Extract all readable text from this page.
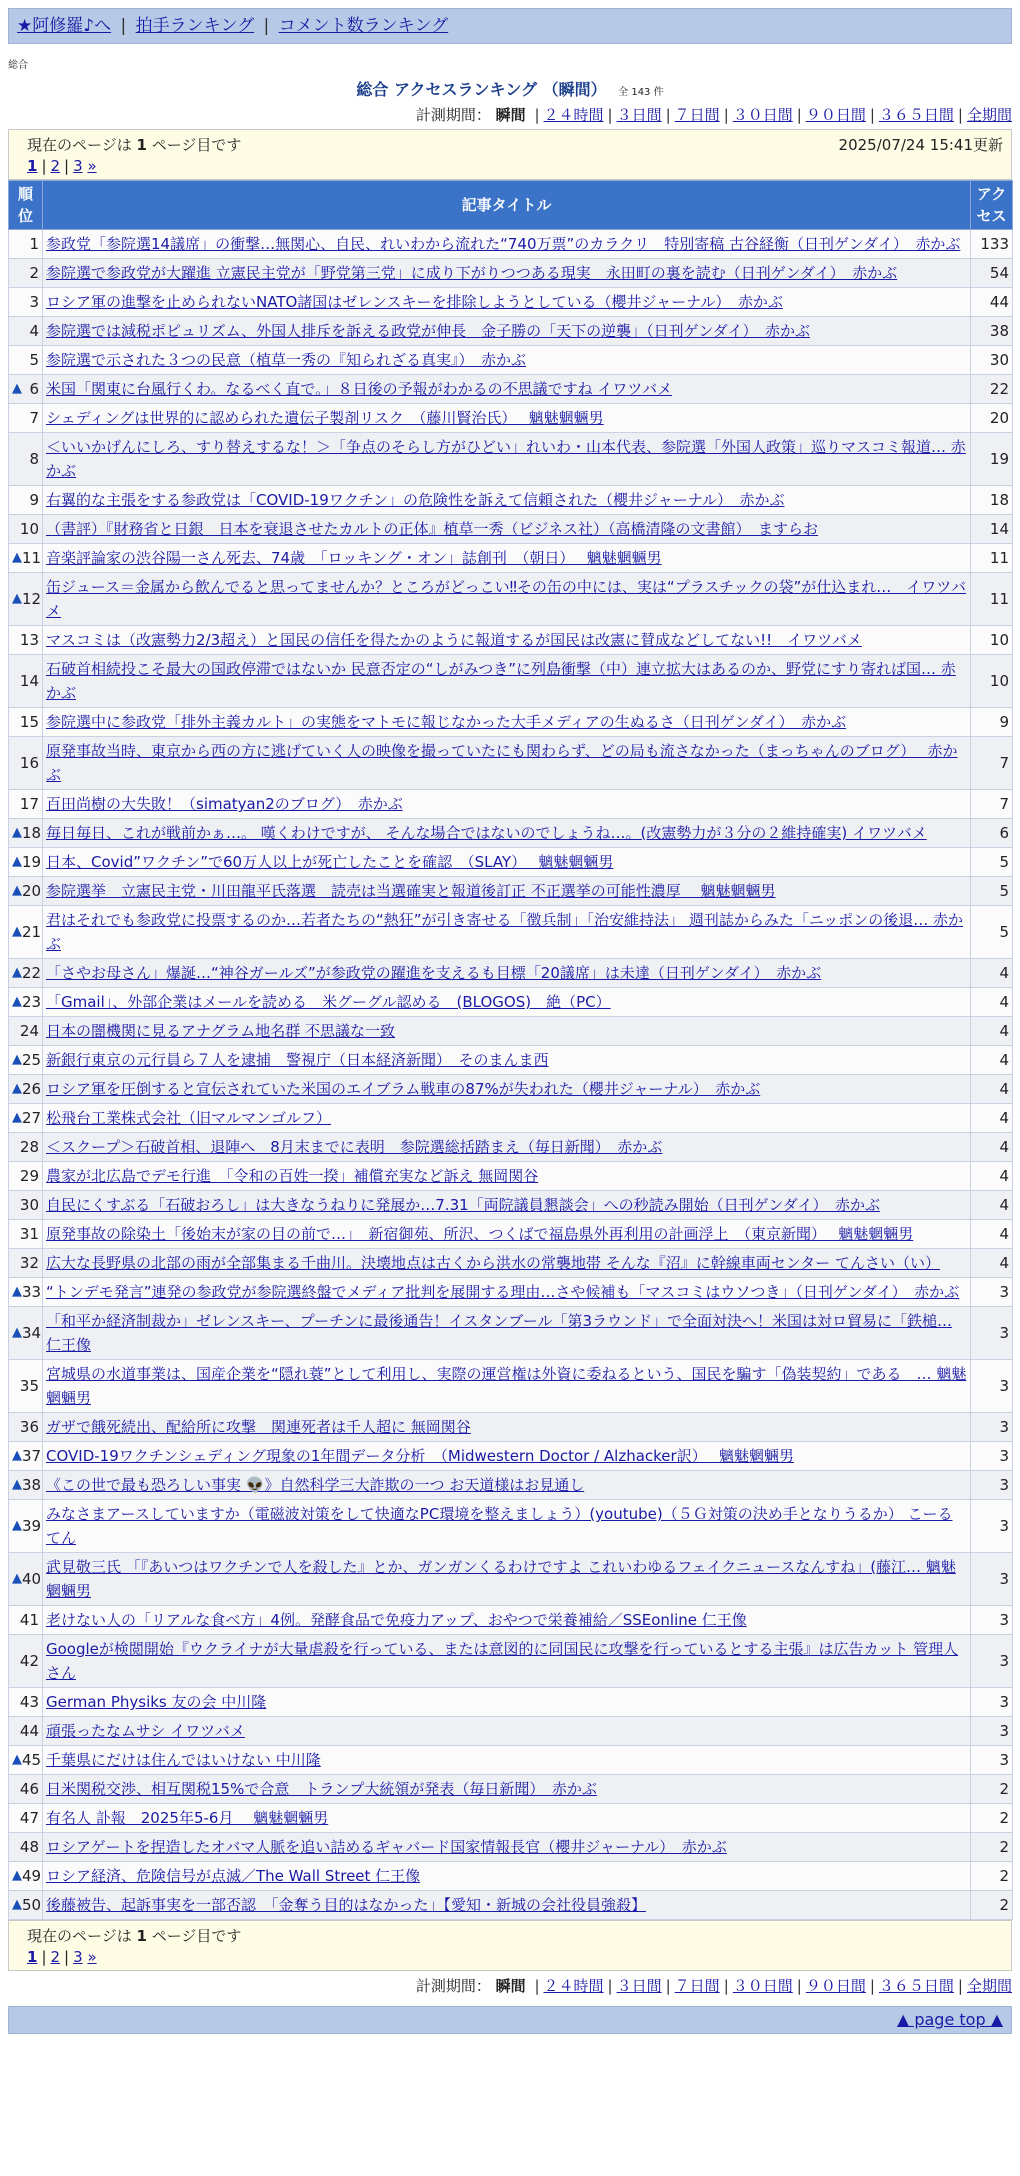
★阿修羅♪へ | 拍手ランキング | コメント数ランキング
総合
総合 アクセスランキング （瞬間） 全 143 件
計測期間： 瞬間 | ２４時間 | ３日間 | ７日間 | ３０日間 | ９０日間 | ３６５日間 | 全期間
現在のページは 1 ページ目です	2025/07/24 15:41更新
1 | 2 | 3 »
順位	記事タイトル	アクセス
1	参政党「参院選14議席」の衝撃…無関心、自民、れいわから流れた“740万票”のカラクリ　特別寄稿 古谷経衡（日刊ゲンダイ）　赤かぶ	133
2	参院選で参政党が大躍進 立憲民主党が「野党第三党」に成り下がりつつある現実　永田町の裏を読む（日刊ゲンダイ）　赤かぶ	54
3	ロシア軍の進撃を止められないNATO諸国はゼレンスキーを排除しようとしている（櫻井ジャーナル）　赤かぶ	44
4	参院選では減税ポピュリズム、外国人排斥を訴える政党が伸長　金子勝の「天下の逆襲」（日刊ゲンダイ）　赤かぶ	38
5	参院選で示された３つの民意（植草一秀の『知られざる真実』）　赤かぶ	30

▲ 6	米国「関東に台風行くわ。なるべく直で。」８日後の予報がわかるの不思議ですね イワツバメ	22
7	シェディングは世界的に認められた遺伝子製剤リスク　（藤川賢治氏）　 魑魅魍魎男	20
8	＜いいかげんにしろ、すり替えするな！＞「争点のそらし方がひどい」れいわ・山本代表、参院選「外国人政策」巡りマスコミ報道… 赤かぶ	19
9	右翼的な主張をする参政党は「COVID-19ワクチン」の危険性を訴えて信頼された（櫻井ジャーナル）　赤かぶ	18
10	（書評）『財務省と日銀　日本を衰退させたカルトの正体』植草一秀（ビジネス社）（高橋清隆の文書館）　ますらお	14

▲ 11	音楽評論家の渋谷陽一さん死去、74歳　「ロッキング・オン」誌創刊　（朝日）　 魑魅魍魎男	11

▲ 12	缶ジュース＝金属から飲んでると思ってませんか？ところがどっこい‼その缶の中には、実は“プラスチックの袋”が仕込まれ…　イワツバメ	11
13	マスコミは（改憲勢力2/3超え）と国民の信任を得たかのように報道するが国民は改憲に賛成などしてない!!　イワツバメ	10
14	石破首相続投こそ最大の国政停滞ではないか 民意否定の“しがみつき”に列島衝撃（中）連立拡大はあるのか、野党にすり寄れば国… 赤かぶ	10
15	参院選中に参政党「排外主義カルト」の実態をマトモに報じなかった大手メディアの生ぬるさ（日刊ゲンダイ）　赤かぶ	9
16	原発事故当時、東京から西の方に逃げていく人の映像を撮っていたにも関わらず、どの局も流さなかった（まっちゃんのブログ）　 赤かぶ	7
17	百田尚樹の大失敗！（simatyan2のブログ）　赤かぶ	7

▲ 18	毎日毎日、これが戦前かぁ…。 嘆くわけですが、 そんな場合ではないのでしょうね…。(改憲勢力が３分の２維持確実) イワツバメ	6

▲ 19	日本、Covid”ワクチン”で60万人以上が死亡したことを確認　（SLAY）　 魑魅魍魎男	5

▲ 20	参院選挙　立憲民主党・川田龍平氏落選　読売は当選確実と報道後訂正 不正選挙の可能性濃厚　 魑魅魍魎男	5

▲ 21	君はそれでも参政党に投票するのか…若者たちの“熱狂”が引き寄せる「徴兵制」「治安維持法」 週刊誌からみた「ニッポンの後退… 赤かぶ	5

▲ 22	「さやお母さん」爆誕…“神谷ガールズ”が参政党の躍進を支えるも目標「20議席」は未達（日刊ゲンダイ）　赤かぶ	4

▲ 23	「Gmail」、外部企業はメールを読める　米グーグル認める　(BLOGOS)　絶（PC）	4
24	日本の闇機関に見るアナグラム地名群 不思議な一致	4

▲ 25	新銀行東京の元行員ら７人を逮捕　警視庁（日本経済新聞）　そのまんま西	4

▲ 26	ロシア軍を圧倒すると宣伝されていた米国のエイブラム戦車の87%が失われた（櫻井ジャーナル）　赤かぶ	4

▲ 27	松飛台工業株式会社（旧マルマンゴルフ）	4
28	＜スクープ＞石破首相、退陣へ　8月末までに表明　参院選総括踏まえ（毎日新聞）　赤かぶ	4
29	農家が北広島でデモ行進　「令和の百姓一揆」補償充実など訴え 無岡関谷	4
30	自民にくすぶる「石破おろし」は大きなうねりに発展か…7.31「両院議員懇談会」への秒読み開始（日刊ゲンダイ）　赤かぶ	4
31	原発事故の除染土「後始末が家の目の前で…」　新宿御苑、所沢、つくばで福島県外再利用の計画浮上　（東京新聞）　 魑魅魍魎男	4
32	広大な長野県の北部の雨が全部集まる千曲川。決壊地点は古くから洪水の常襲地帯 そんな『沼』に幹線車両センター てんさい（い）	4

▲ 33	“トンデモ発言”連発の参政党が参院選終盤でメディア批判を展開する理由…さや候補も「マスコミはウソつき」（日刊ゲンダイ）　赤かぶ	3

▲ 34	「和平か経済制裁か」ゼレンスキー、プーチンに最後通告！イスタンブール「第3ラウンド」で全面対決へ！米国は対ロ貿易に「鉄槌… 仁王像	3
35	宮城県の水道事業は、国産企業を“隠れ蓑”として利用し、実際の運営権は外資に委ねるという、国民を騙す「偽装契約」である　… 魑魅魍魎男	3
36	ガザで餓死続出、配給所に攻撃　関連死者は千人超に 無岡関谷	3

▲ 37	COVID-19ワクチンシェディング現象の1年間データ分析　（Midwestern Doctor / Alzhacker訳）　 魑魅魍魎男	3

▲ 38	《この世で最も恐ろしい事実 👽》自然科学三大詐欺の一つ お天道様はお見通し	3

▲ 39	みなさまアースしていますか（電磁波対策をして快適なPC環境を整えましょう）(youtube)（５Ｇ対策の決め手となりうるか） こーるてん	3

▲ 40	武見敬三氏 「『あいつはワクチンで人を殺した』とか、ガンガンくるわけですよ これいわゆるフェイクニュースなんすね」(藤江… 魑魅魍魎男	3
41	老けない人の「リアルな食べ方」4例。発酵食品で免疫力アップ、おやつで栄養補給／SSEonline 仁王像	3
42	Googleが検閲開始『ウクライナが大量虐殺を行っている、または意図的に同国民に攻撃を行っているとする主張』は広告カット 管理人さん	3
43	German Physiks 友の会 中川隆	3
44	頑張ったなムサシ イワツバメ	3

▲ 45	千葉県にだけは住んではいけない 中川隆	3
46	日米関税交渉、相互関税15%で合意　トランプ大統領が発表（毎日新聞）　赤かぶ	2
47	有名人 訃報　2025年5-6月　 魑魅魍魎男	2
48	ロシアゲートを捏造したオバマ人脈を追い詰めるギャバード国家情報長官（櫻井ジャーナル）　赤かぶ	2

▲ 49	ロシア経済、危険信号が点滅／The Wall Street 仁王像	2

▲ 50	後藤被告、起訴事実を一部否認　「金奪う目的はなかった」【愛知・新城の会社役員強殺】	2
現在のページは 1 ページ目です
1 | 2 | 3 »
計測期間： 瞬間 | ２４時間 | ３日間 | ７日間 | ３０日間 | ９０日間 | ３６５日間 | 全期間
▲ page top ▲
